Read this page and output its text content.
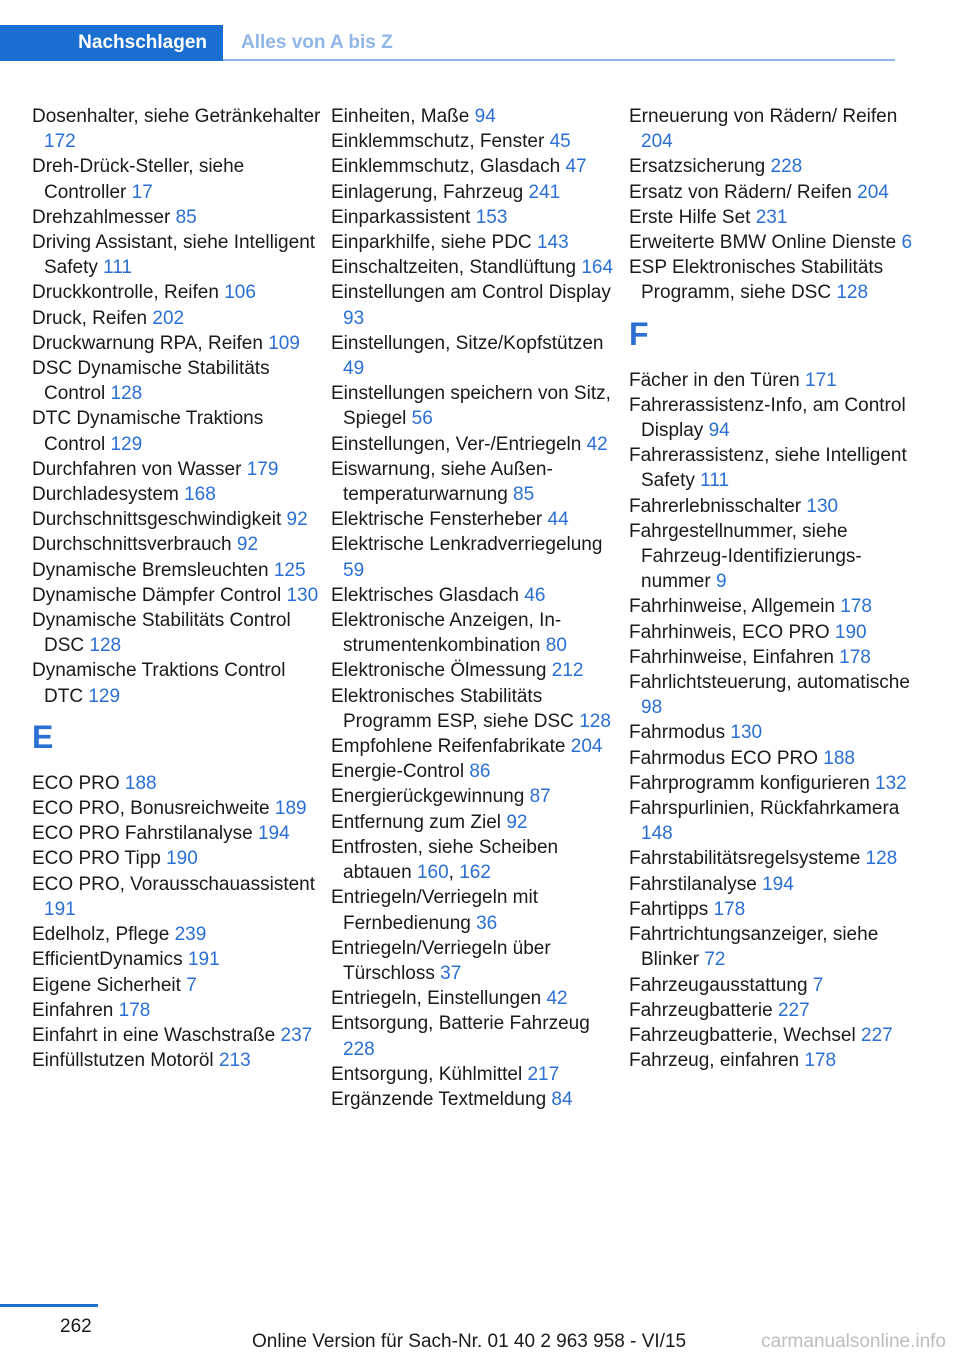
Nachschlagen Alles von A bis Z
Dosenhalter, siehe Getränkehalter 172
Dreh-Drück-Steller, siehe Controller 17
Drehzahlmesser 85
Driving Assistant, siehe Intelligent Safety 111
Druckkontrolle, Reifen 106
Druck, Reifen 202
Druckwarnung RPA, Reifen 109
DSC Dynamische Stabilitäts Control 128
DTC Dynamische Traktions Control 129
Durchfahren von Wasser 179
Durchladesystem 168
Durchschnittsgeschwindigkeit 92
Durchschnittsverbrauch 92
Dynamische Bremsleuchten 125
Dynamische Dämpfer Control 130
Dynamische Stabilitäts Control DSC 128
Dynamische Traktions Control DTC 129
E
ECO PRO 188
ECO PRO, Bonusreichweite 189
ECO PRO Fahrstilanalyse 194
ECO PRO Tipp 190
ECO PRO, Vorausschauassistent 191
Edelholz, Pflege 239
EfficientDynamics 191
Eigene Sicherheit 7
Einfahren 178
Einfahrt in eine Waschstraße 237
Einfüllstutzen Motoröl 213
Einheiten, Maße 94
Einklemmschutz, Fenster 45
Einklemmschutz, Glasdach 47
Einlagerung, Fahrzeug 241
Einparkassistent 153
Einparkhilfe, siehe PDC 143
Einschaltzeiten, Standlüftung 164
Einstellungen am Control Display 93
Einstellungen, Sitze/Kopfstützen 49
Einstellungen speichern von Sitz, Spiegel 56
Einstellungen, Ver-/Entriegeln 42
Eiswarnung, siehe Außentemperaturwarnung 85
Elektrische Fensterheber 44
Elektrische Lenkradverriegelung 59
Elektrisches Glasdach 46
Elektronische Anzeigen, Instrumentenkombination 80
Elektronische Ölmessung 212
Elektronisches Stabilitäts Programm ESP, siehe DSC 128
Empfohlene Reifenfabrikate 204
Energie-Control 86
Energierückgewinnung 87
Entfernung zum Ziel 92
Entfrosten, siehe Scheiben abtauen 160, 162
Entriegeln/Verriegeln mit Fernbedienung 36
Entriegeln/Verriegeln über Türschloss 37
Entriegeln, Einstellungen 42
Entsorgung, Batterie Fahrzeug 228
Entsorgung, Kühlmittel 217
Ergänzende Textmeldung 84
Erneuerung von Rädern/ Reifen 204
Ersatzsicherung 228
Ersatz von Rädern/ Reifen 204
Erste Hilfe Set 231
Erweiterte BMW Online Dienste 6
ESP Elektronisches Stabilitäts Programm, siehe DSC 128
F
Fächer in den Türen 171
Fahrerassistenz-Info, am Control Display 94
Fahrerassistenz, siehe Intelligent Safety 111
Fahrerlebnisschalter 130
Fahrgestellnummer, siehe Fahrzeug-Identifizierungsnummer 9
Fahrhinweise, Allgemein 178
Fahrhinweis, ECO PRO 190
Fahrhinweise, Einfahren 178
Fahrlichtsteuerung, automatische 98
Fahrmodus 130
Fahrmodus ECO PRO 188
Fahrprogramm konfigurieren 132
Fahrspurlinien, Rückfahrkamera 148
Fahrstabilitätsregelsysteme 128
Fahrstilanalyse 194
Fahrtipps 178
Fahrtrichtungsanzeiger, siehe Blinker 72
Fahrzeugausstattung 7
Fahrzeugbatterie 227
Fahrzeugbatterie, Wechsel 227
Fahrzeug, einfahren 178
262
Online Version für Sach-Nr. 01 40 2 963 958 - VI/15	carmanualsonline.info
